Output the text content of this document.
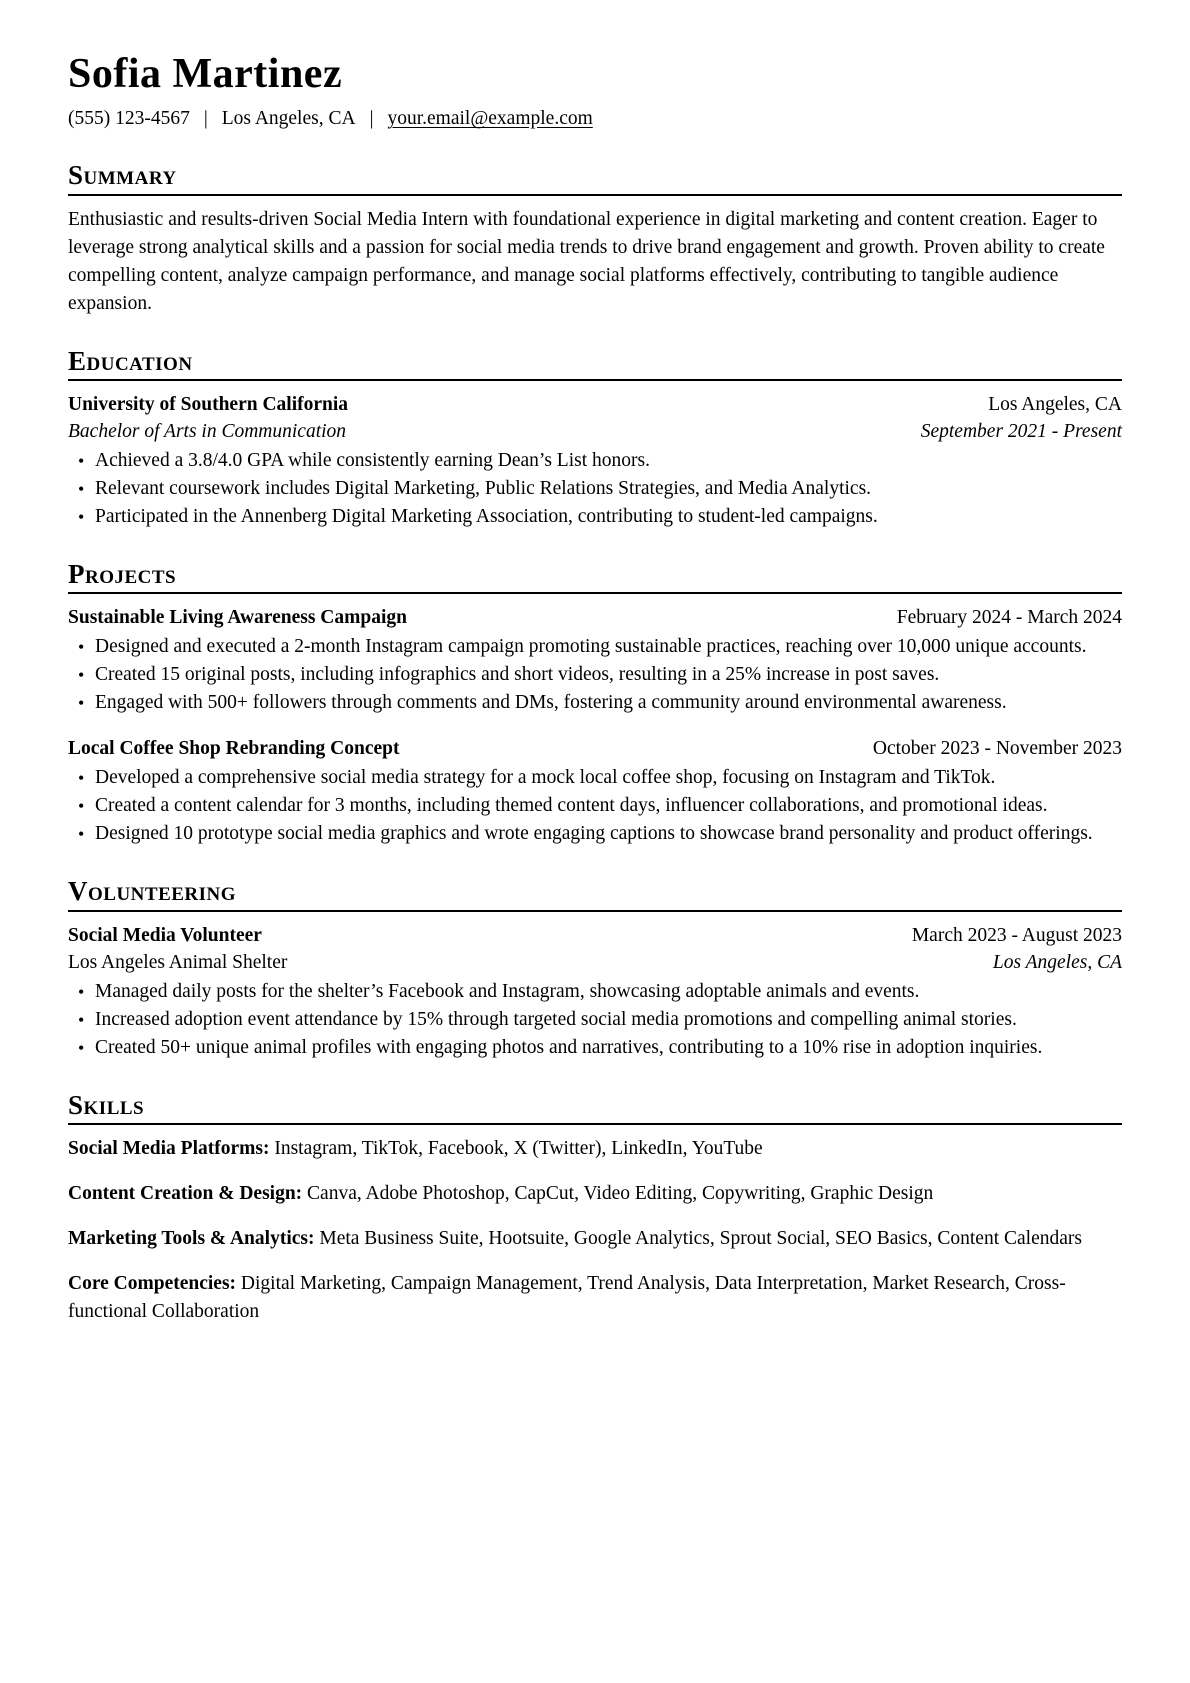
Sofia Martinez
(555) 123-4567 | Los Angeles, CA | your.email@example.com
Summary

Enthusiastic and results-driven Social Media Intern with foundational experience in digital marketing and content creation. Eager to leverage strong analytical skills and a passion for social media trends to drive brand engagement and growth. Proven ability to create compelling content, analyze campaign performance, and manage social platforms effectively, contributing to tangible audience expansion.

Education
University of Southern California	Los Angeles, CA
Bachelor of Arts in Communication	September 2021 - Present
• Achieved a 3.8/4.0 GPA while consistently earning Dean’s List honors.
• Relevant coursework includes Digital Marketing, Public Relations Strategies, and Media Analytics.
• Participated in the Annenberg Digital Marketing Association, contributing to student-led campaigns.
Projects
Sustainable Living Awareness Campaign	February 2024 - March 2024
• Designed and executed a 2-month Instagram campaign promoting sustainable practices, reaching over 10,000 unique accounts.
• Created 15 original posts, including infographics and short videos, resulting in a 25% increase in post saves.
• Engaged with 500+ followers through comments and DMs, fostering a community around environmental awareness.
Local Coffee Shop Rebranding Concept	October 2023 - November 2023
• Developed a comprehensive social media strategy for a mock local coffee shop, focusing on Instagram and TikTok.
• Created a content calendar for 3 months, including themed content days, influencer collaborations, and promotional ideas.
• Designed 10 prototype social media graphics and wrote engaging captions to showcase brand personality and product offerings.
Volunteering
Social Media Volunteer	March 2023 - August 2023
Los Angeles Animal Shelter	Los Angeles, CA
• Managed daily posts for the shelter’s Facebook and Instagram, showcasing adoptable animals and events.
• Increased adoption event attendance by 15% through targeted social media promotions and compelling animal stories.
• Created 50+ unique animal profiles with engaging photos and narratives, contributing to a 10% rise in adoption inquiries.
Skills

Social Media Platforms: Instagram, TikTok, Facebook, X (Twitter), LinkedIn, YouTube

Content Creation & Design: Canva, Adobe Photoshop, CapCut, Video Editing, Copywriting, Graphic Design

Marketing Tools & Analytics: Meta Business Suite, Hootsuite, Google Analytics, Sprout Social, SEO Basics, Content Calendars

Core Competencies: Digital Marketing, Campaign Management, Trend Analysis, Data Interpretation, Market Research, Cross-functional Collaboration
